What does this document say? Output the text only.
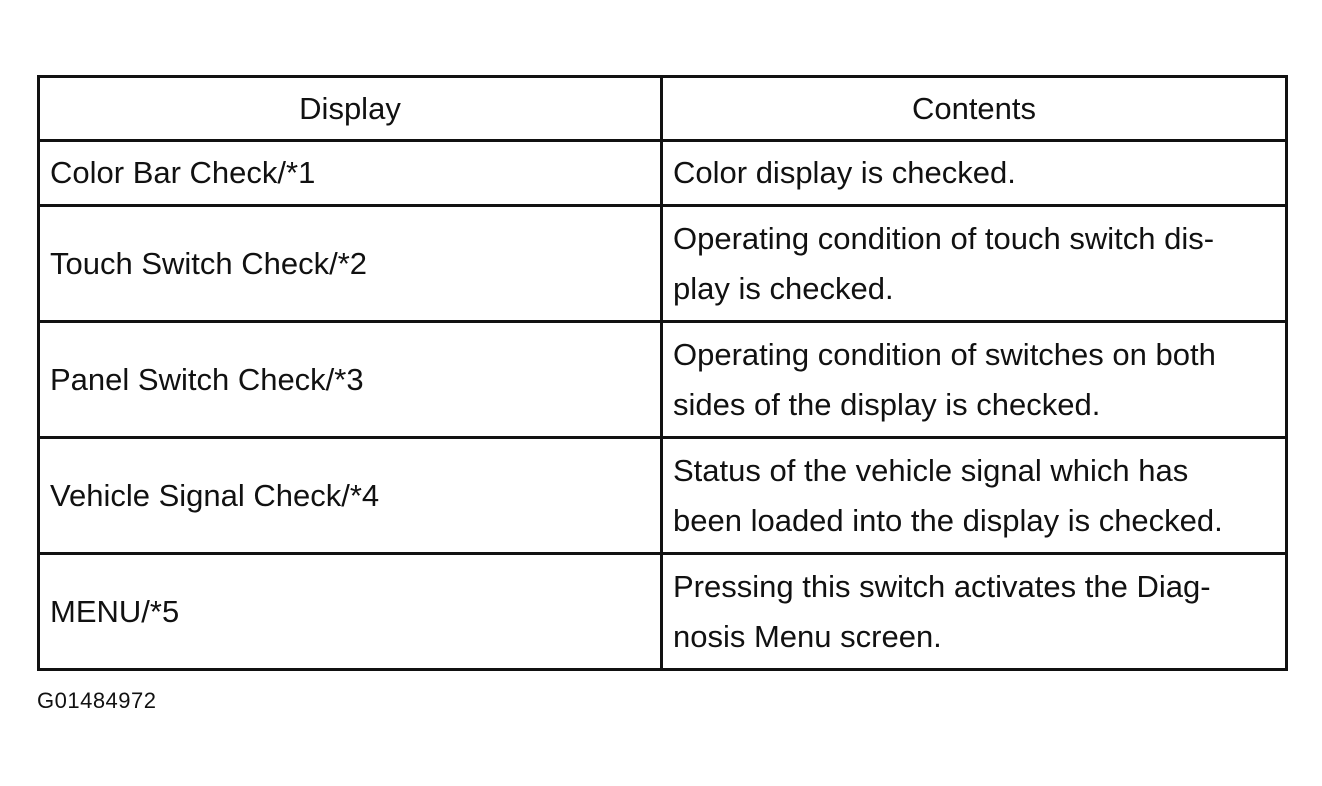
Display	Contents
Color Bar Check/*1	Color display is checked.
Touch Switch Check/*2	Operating condition of touch switch dis-
play is checked.
Panel Switch Check/*3	Operating condition of switches on both
sides of the display is checked.
Vehicle Signal Check/*4	Status of the vehicle signal which has
been loaded into the display is checked.
MENU/*5	Pressing this switch activates the Diag-
nosis Menu screen.
G01484972
